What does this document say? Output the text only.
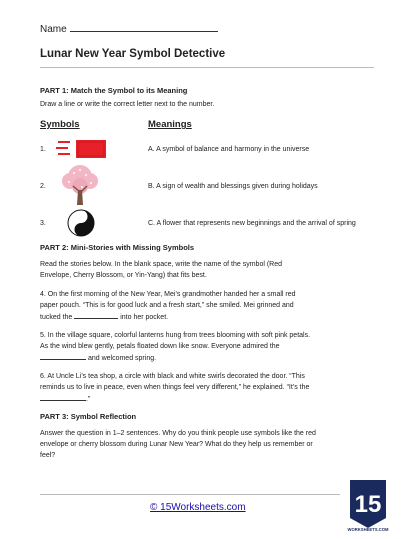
Name
Lunar New Year Symbol Detective
PART 1: Match the Symbol to its Meaning
Draw a line or write the correct letter next to the number.
Symbols	Meanings
1.	A. A symbol of balance and harmony in the universe
2.	B. A sign of wealth and blessings given during holidays
3.	C. A flower that represents new beginnings and the arrival of spring
PART 2: Mini-Stories with Missing Symbols
Read the stories below. In the blank space, write the name of the symbol (Red
Envelope, Cherry Blossom, or Yin-Yang) that fits best.
4. On the first morning of the New Year, Mei’s grandmother handed her a small red
paper pouch. “This is for good luck and a fresh start,” she smiled. Mei grinned and
tucked the	into her pocket.
5. In the village square, colorful lanterns hung from trees blooming with soft pink petals.
As the wind blew gently, petals floated down like snow. Everyone admired the
and welcomed spring.
6. At Uncle Li’s tea shop, a circle with black and white swirls decorated the door. “This
reminds us to live in peace, even when things feel very different,” he explained. “It’s the
.”
PART 3: Symbol Reflection
Answer the question in 1–2 sentences. Why do you think people use symbols like the red
envelope or cherry blossom during Lunar New Year? What do they help us remember or
feel?
© 15Worksheets.com	15
WORKSHEETS.COM
